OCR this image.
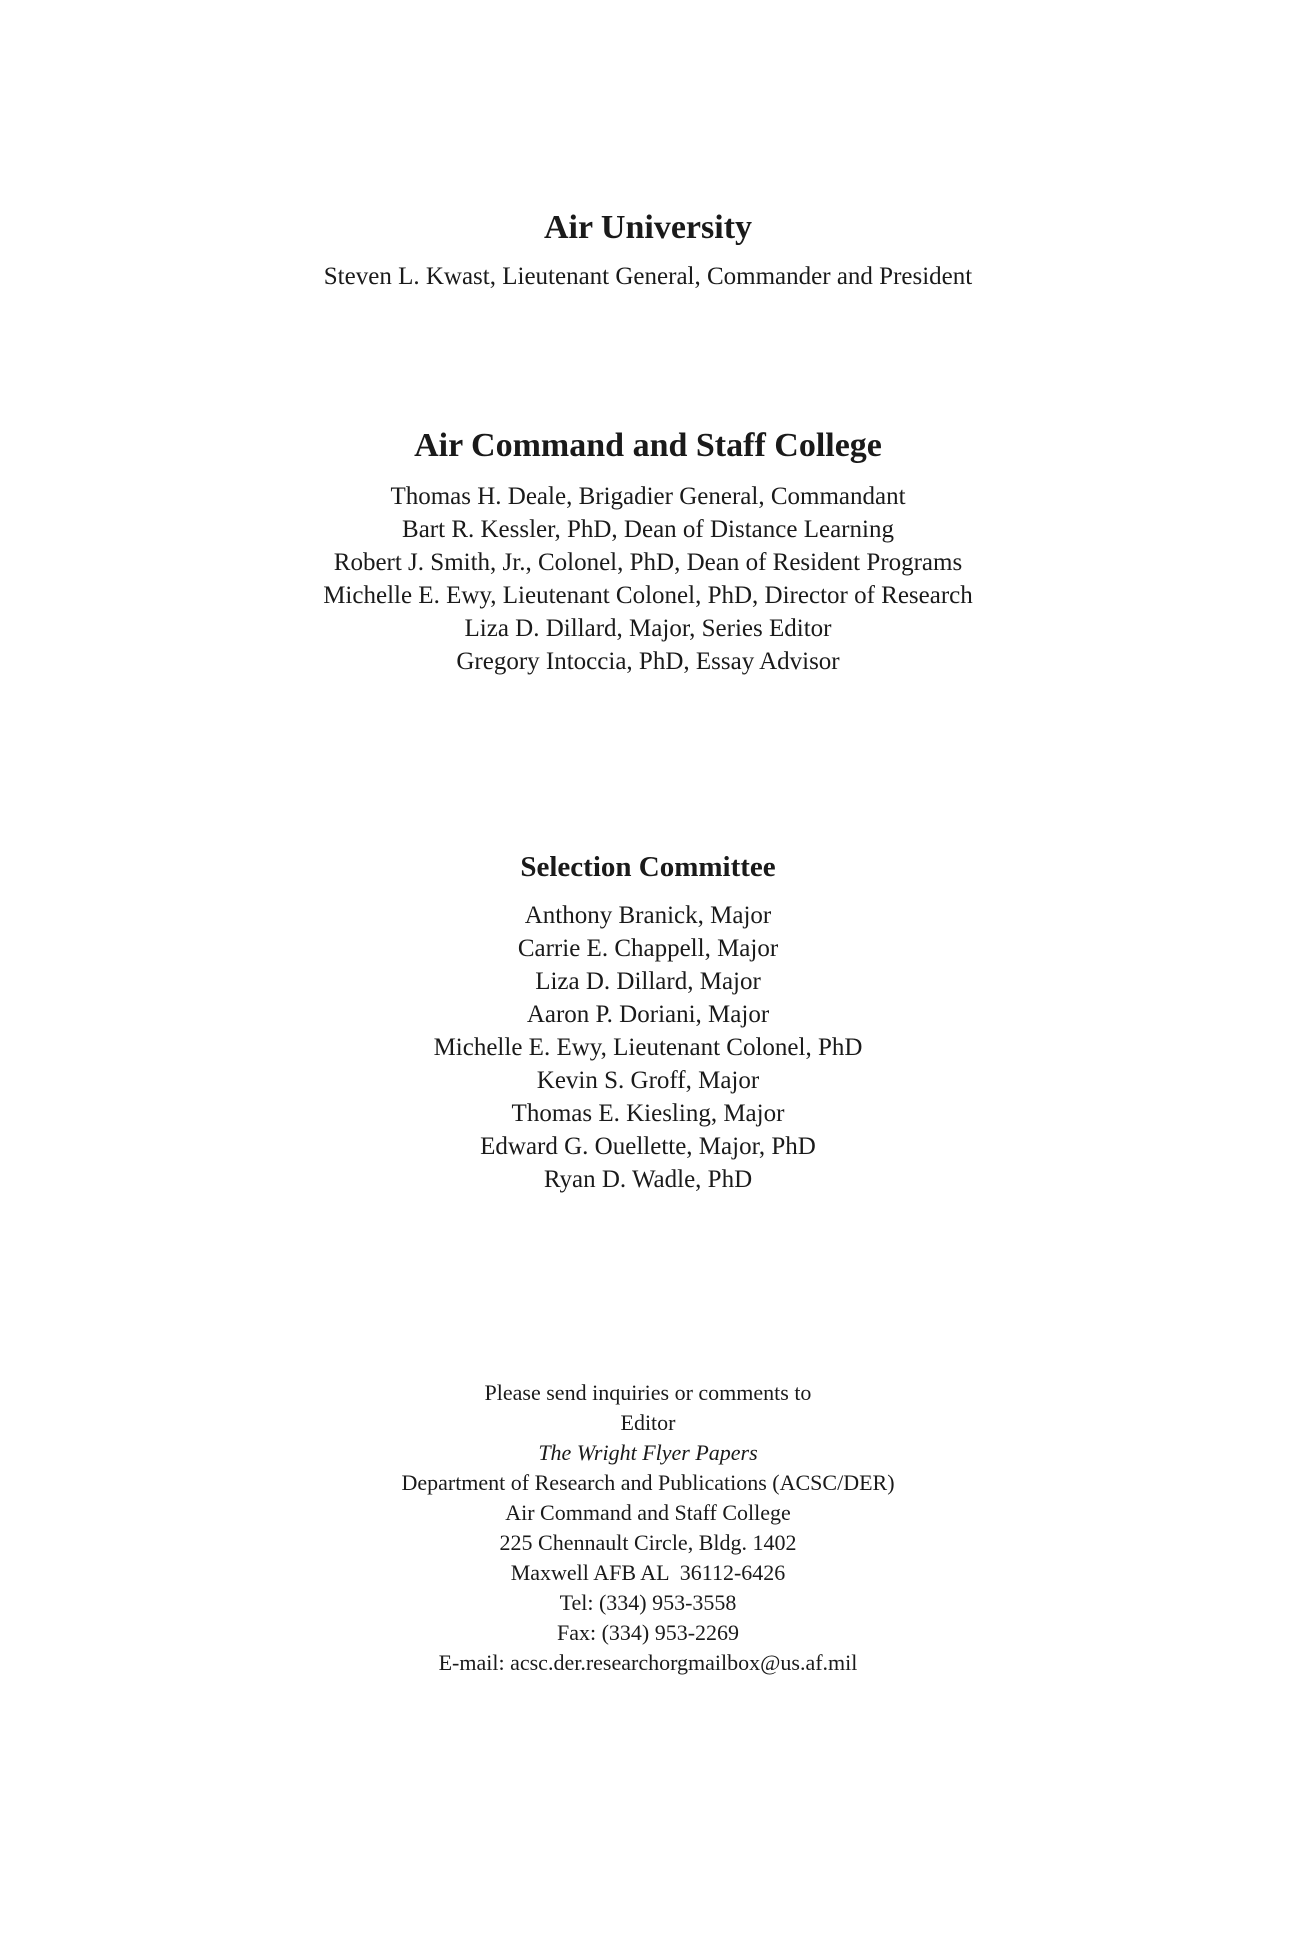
Air University

Steven L. Kwast, Lieutenant General, Commander and President

Air Command and Staff College

Thomas H. Deale, Brigadier General, Commandant

Bart R. Kessler, PhD, Dean of Distance Learning

Robert J. Smith, Jr., Colonel, PhD, Dean of Resident Programs

Michelle E. Ewy, Lieutenant Colonel, PhD, Director of Research

Liza D. Dillard, Major, Series Editor

Gregory Intoccia, PhD, Essay Advisor

Selection Committee

Anthony Branick, Major

Carrie E. Chappell, Major

Liza D. Dillard, Major

Aaron P. Doriani, Major

Michelle E. Ewy, Lieutenant Colonel, PhD

Kevin S. Groff, Major

Thomas E. Kiesling, Major

Edward G. Ouellette, Major, PhD

Ryan D. Wadle, PhD

Please send inquiries or comments to

Editor

The Wright Flyer Papers

Department of Research and Publications (ACSC/DER)

Air Command and Staff College

225 Chennault Circle, Bldg. 1402

Maxwell AFB AL  36112-6426

Tel: (334) 953-3558

Fax: (334) 953-2269

E-mail: acsc.der.researchorgmailbox@us.af.mil
